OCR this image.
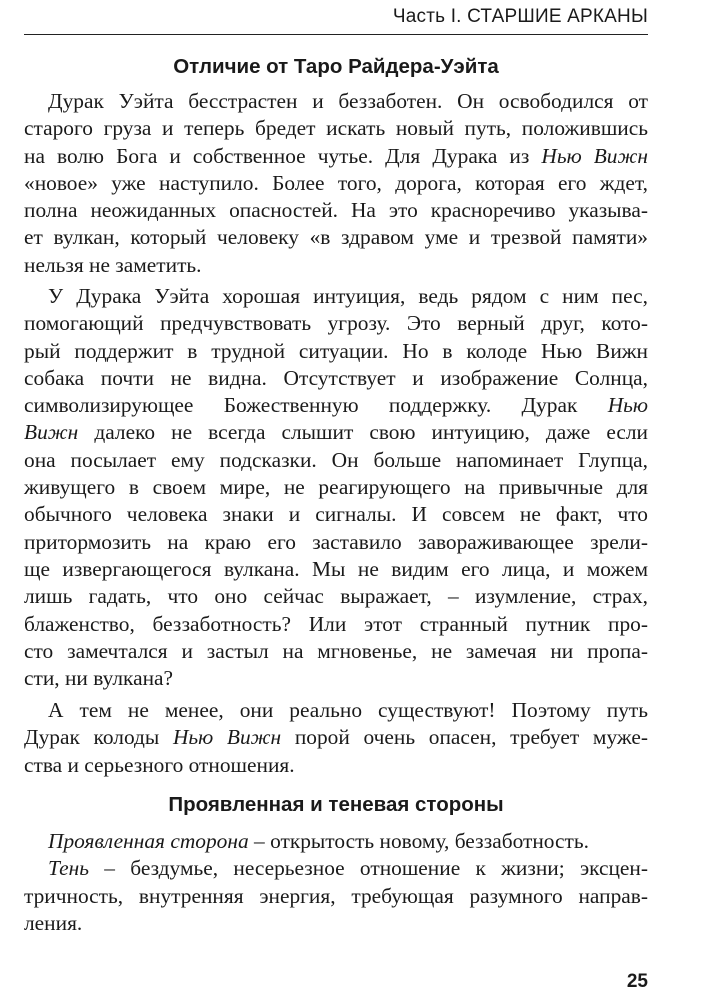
Часть I. СТАРШИЕ АРКАНЫ
Отличие от Таро Райдера-Уэйта
Дурак Уэйта бесстрастен и беззаботен. Он освободился от
старого груза и теперь бредет искать новый путь, положившись
на волю Бога и собственное чутье. Для Дурака из Нью Вижн
«новое» уже наступило. Более того, дорога, которая его ждет,
полна неожиданных опасностей. На это красноречиво указыва-
ет вулкан, который человеку «в здравом уме и трезвой памяти»
нельзя не заметить.
У Дурака Уэйта хорошая интуиция, ведь рядом с ним пес,
помогающий предчувствовать угрозу. Это верный друг, кото-
рый поддержит в трудной ситуации. Но в колоде Нью Вижн
собака почти не видна. Отсутствует и изображение Солнца,
символизирующее Божественную поддержку. Дурак Нью
Вижн далеко не всегда слышит свою интуицию, даже если
она посылает ему подсказки. Он больше напоминает Глупца,
живущего в своем мире, не реагирующего на привычные для
обычного человека знаки и сигналы. И совсем не факт, что
притормозить на краю его заставило завораживающее зрели-
ще извергающегося вулкана. Мы не видим его лица, и можем
лишь гадать, что оно сейчас выражает, – изумление, страх,
блаженство, беззаботность? Или этот странный путник про-
сто замечтался и застыл на мгновенье, не замечая ни пропа-
сти, ни вулкана?
А тем не менее, они реально существуют! Поэтому путь
Дурак колоды Нью Вижн порой очень опасен, требует муже-
ства и серьезного отношения.
Проявленная и теневая стороны
Проявленная сторона – открытость новому, беззаботность.
Тень – бездумье, несерьезное отношение к жизни; эксцен-
тричность, внутренняя энергия, требующая разумного направ-
ления.
25
